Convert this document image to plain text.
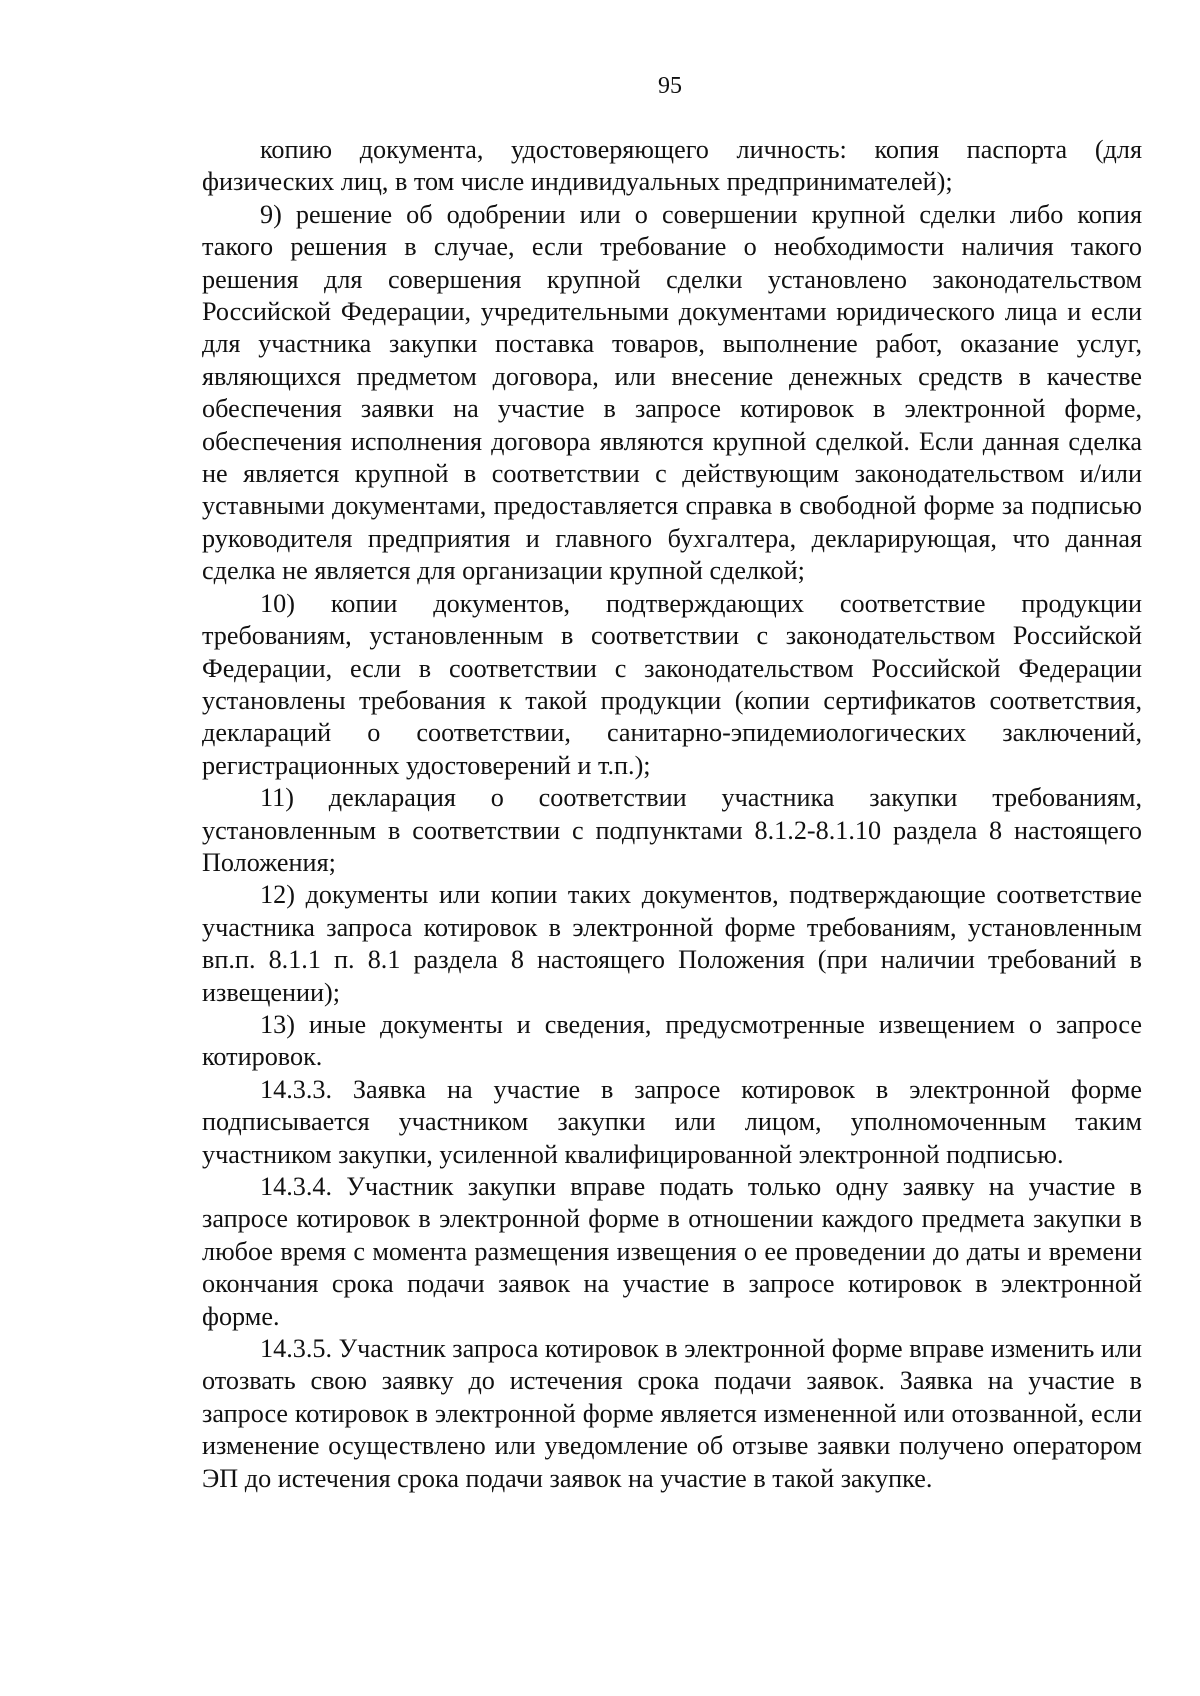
95

копию документа, удостоверяющего личность: копия паспорта (для физических лиц, в том числе индивидуальных предпринимателей);

9) решение об одобрении или о совершении крупной сделки либо копия такого решения в случае, если требование о необходимости наличия такого решения для совершения крупной сделки установлено законодательством Российской Федерации, учредительными документами юридического лица и если для участника закупки поставка товаров, выполнение работ, оказание услуг, являющихся предметом договора, или внесение денежных средств в качестве обеспечения заявки на участие в запросе котировок в электронной форме, обеспечения исполнения договора являются крупной сделкой. Если данная сделка не является крупной в соответствии с действующим законодательством и/или уставными документами, предоставляется справка в свободной форме за подписью руководителя предприятия и главного бухгалтера, декларирующая, что данная сделка не является для организации крупной сделкой;

10) копии документов, подтверждающих соответствие продукции требованиям, установленным в соответствии с законодательством Российской Федерации, если в соответствии с законодательством Российской Федерации установлены требования к такой продукции (копии сертификатов соответствия, деклараций о соответствии, санитарно-эпидемиологических заключений, регистрационных удостоверений и т.п.);

11) декларация о соответствии участника закупки требованиям, установленным в соответствии с подпунктами 8.1.2-8.1.10 раздела 8 настоящего Положения;

12) документы или копии таких документов, подтверждающие соответствие участника запроса котировок в электронной форме требованиям, установленным вп.п. 8.1.1 п. 8.1 раздела 8 настоящего Положения (при наличии требований в извещении);

13) иные документы и сведения, предусмотренные извещением о запросе котировок.

14.3.3. Заявка на участие в запросе котировок в электронной форме подписывается участником закупки или лицом, уполномоченным таким участником закупки, усиленной квалифицированной электронной подписью.

14.3.4. Участник закупки вправе подать только одну заявку на участие в запросе котировок в электронной форме в отношении каждого предмета закупки в любое время с момента размещения извещения о ее проведении до даты и времени окончания срока подачи заявок на участие в запросе котировок в электронной форме.

14.3.5. Участник запроса котировок в электронной форме вправе изменить или отозвать свою заявку до истечения срока подачи заявок. Заявка на участие в запросе котировок в электронной форме является измененной или отозванной, если изменение осуществлено или уведомление об отзыве заявки получено оператором ЭП до истечения срока подачи заявок на участие в такой закупке.
